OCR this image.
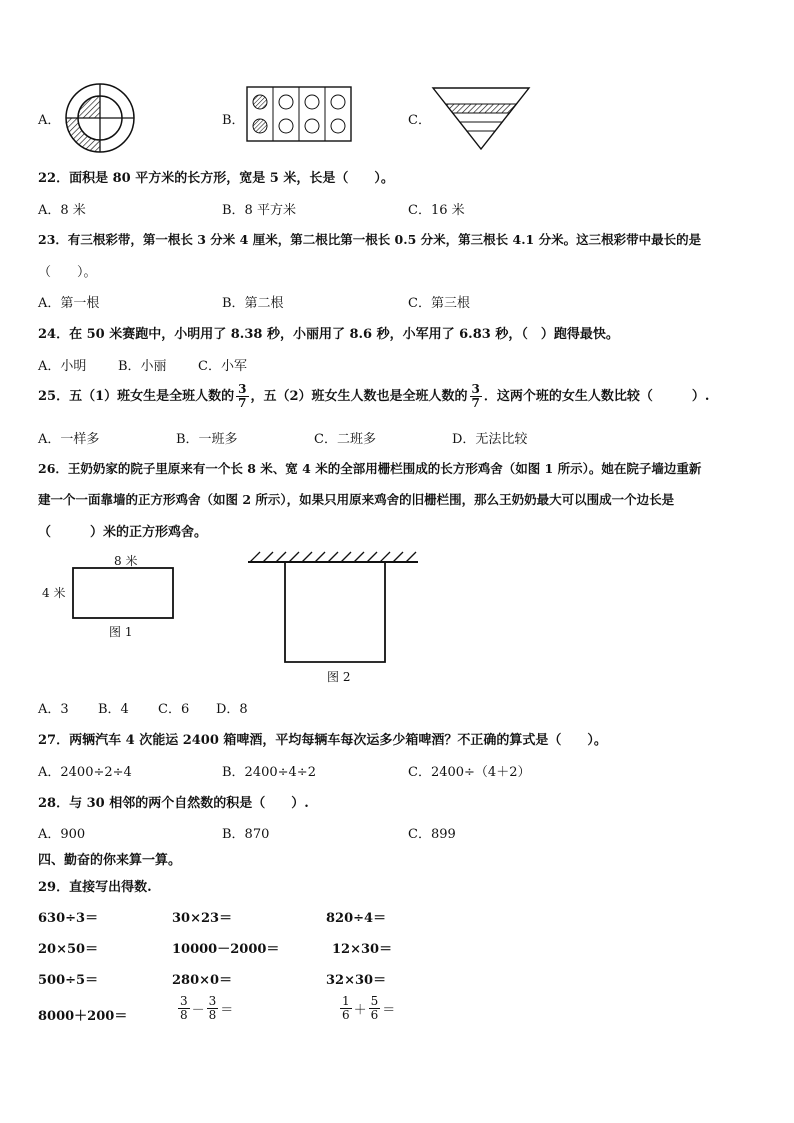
A．	B．	C．
22．面积是 80 平方米的长方形，宽是 5 米，长是（　　）。
A．8 米	B．8 平方米	C．16 米
23．有三根彩带，第一根长 3 分米 4 厘米，第二根比第一根长 0.5 分米，第三根长 4.1 分米。这三根彩带中最长的是
（　　）。
A．第一根	B．第二根	C．第三根
24．在 50 米赛跑中，小明用了 8.38 秒，小丽用了 8.6 秒，小军用了 6.83 秒，（　）跑得最快。
A．小明 B．小丽 C．小军
25．五（1）班女生是全班人数的 $\frac{3}{7}$ ，五（2）班女生人数也是全班人数的 $\frac{3}{7}$ ．这两个班的女生人数比较（　　　）.
A．一样多	B．一班多	C．二班多	D．无法比较
26．王奶奶家的院子里原来有一个长 8 米、宽 4 米的全部用栅栏围成的长方形鸡舍（如图 1 所示）。她在院子墙边重新
建一个一面靠墙的正方形鸡舍（如图 2 所示），如果只用原来鸡舍的旧栅栏围，那么王奶奶最大可以围成一个边长是
（　　　）米的正方形鸡舍。
8 米
4 米
图 1
图 2
A．3 B．4 C．6 D．8
27．两辆汽车 4 次能运 2400 箱啤酒，平均每辆车每次运多少箱啤酒？不正确的算式是（　　）。
A．2400÷2÷4	B．2400÷4÷2	C．2400÷（4＋2）
28．与 30 相邻的两个自然数的积是（　　）.
A．900	B．870	C．899
四、勤奋的你来算一算。
29．直接写出得数.
630÷3＝	30×23＝	820÷4＝
20×50＝	10000－2000＝	12×30＝
500÷5＝	280×0＝	32×30＝
8000＋200＝	$\frac{3}{8} - \frac{3}{8}$ ＝	$\frac{1}{6} + \frac{5}{6}$ ＝
